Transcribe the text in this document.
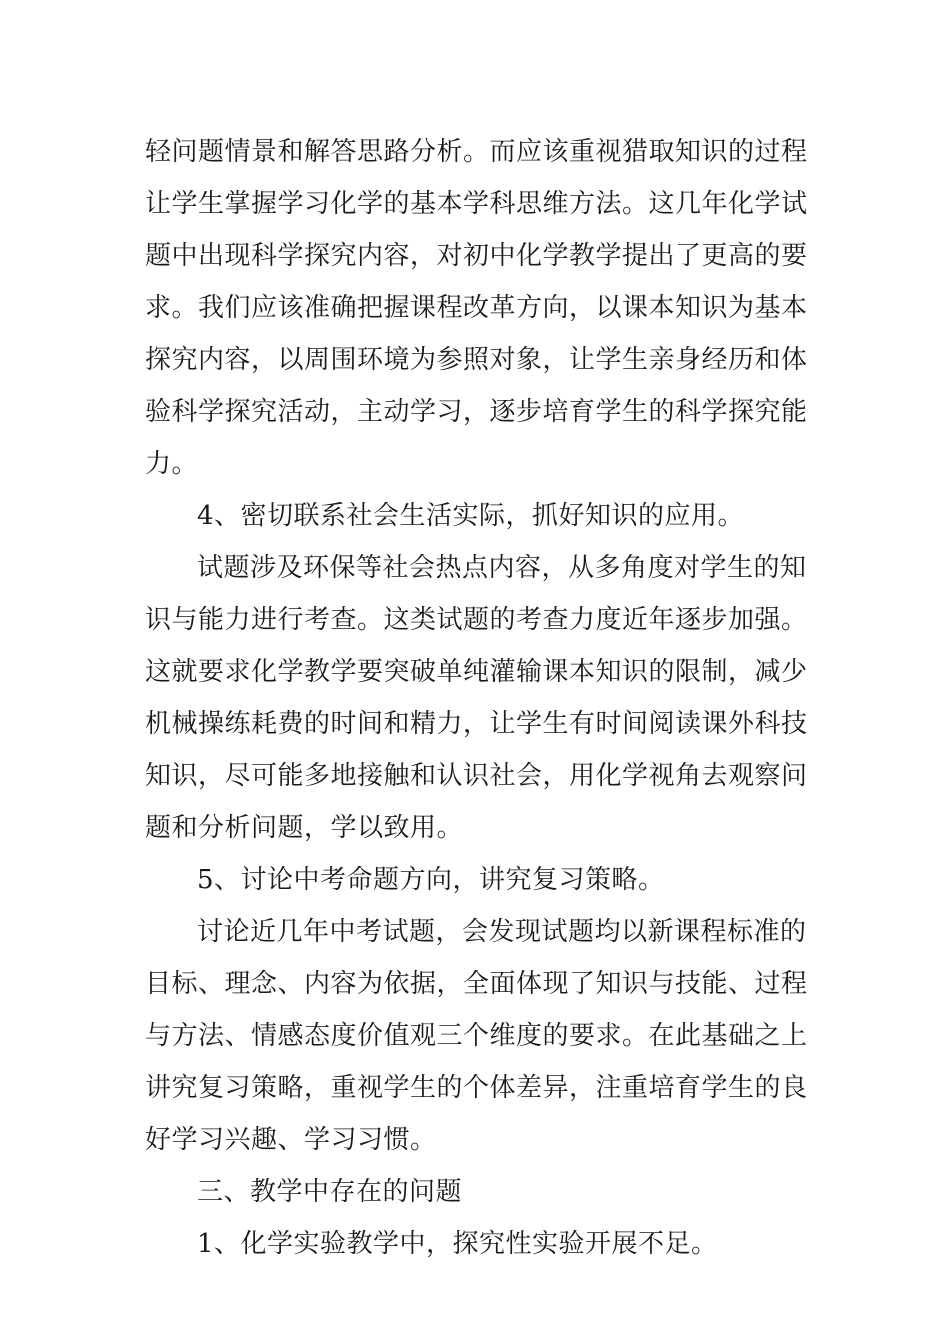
轻问题情景和解答思路分析。而应该重视猎取知识的过程
让学生掌握学习化学的基本学科思维方法。这几年化学试
题中出现科学探究内容，对初中化学教学提出了更高的要
求。我们应该准确把握课程改革方向，以课本知识为基本
探究内容，以周围环境为参照对象，让学生亲身经历和体
验科学探究活动，主动学习，逐步培育学生的科学探究能
力。
4、密切联系社会生活实际，抓好知识的应用。
试题涉及环保等社会热点内容，从多角度对学生的知
识与能力进行考查。这类试题的考查力度近年逐步加强。
这就要求化学教学要突破单纯灌输课本知识的限制，减少
机械操练耗费的时间和精力，让学生有时间阅读课外科技
知识，尽可能多地接触和认识社会，用化学视角去观察问
题和分析问题，学以致用。
5、讨论中考命题方向，讲究复习策略。
讨论近几年中考试题，会发现试题均以新课程标准的
目标、理念、内容为依据，全面体现了知识与技能、过程
与方法、情感态度价值观三个维度的要求。在此基础之上
讲究复习策略，重视学生的个体差异，注重培育学生的良
好学习兴趣、学习习惯。
三、教学中存在的问题
1、化学实验教学中，探究性实验开展不足。
